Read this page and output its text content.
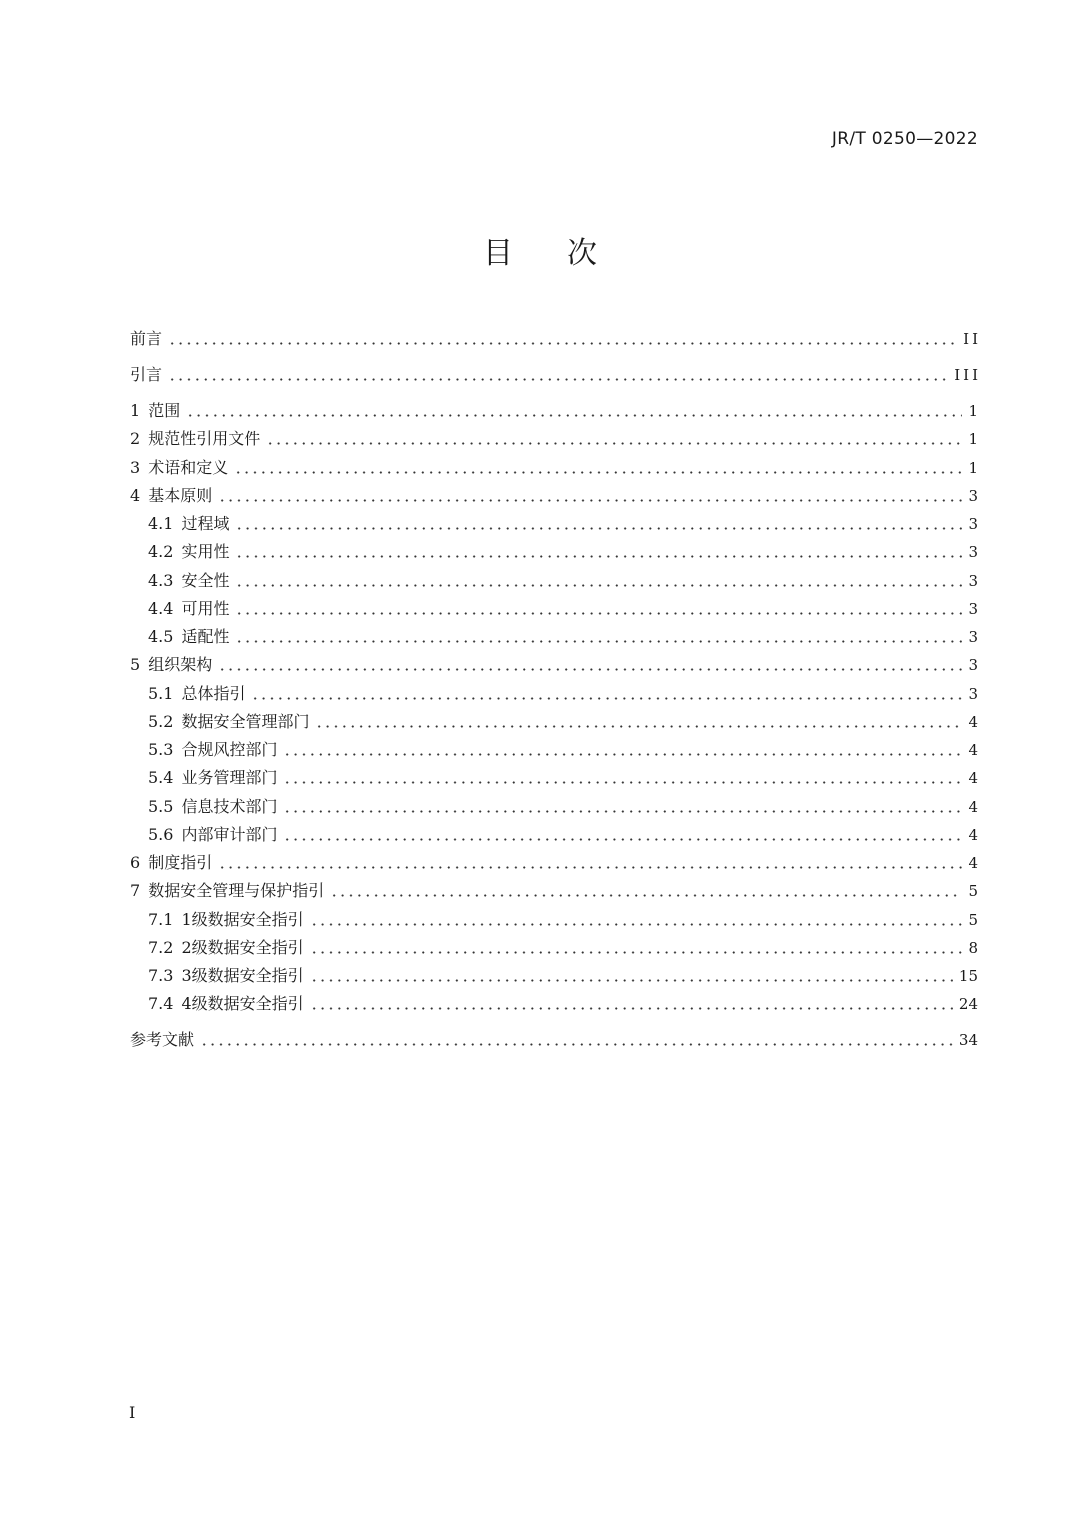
JR/T 0250—2022
目次
前言	II
引言	III
1 范围	1
2 规范性引用文件	1
3 术语和定义	1
4 基本原则	3
4.1 过程域	3
4.2 实用性	3
4.3 安全性	3
4.4 可用性	3
4.5 适配性	3
5 组织架构	3
5.1 总体指引	3
5.2 数据安全管理部门	4
5.3 合规风控部门	4
5.4 业务管理部门	4
5.5 信息技术部门	4
5.6 内部审计部门	4
6 制度指引	4
7 数据安全管理与保护指引	5
7.1 1级数据安全指引	5
7.2 2级数据安全指引	8
7.3 3级数据安全指引	15
7.4 4级数据安全指引	24
参考文献	34
I
